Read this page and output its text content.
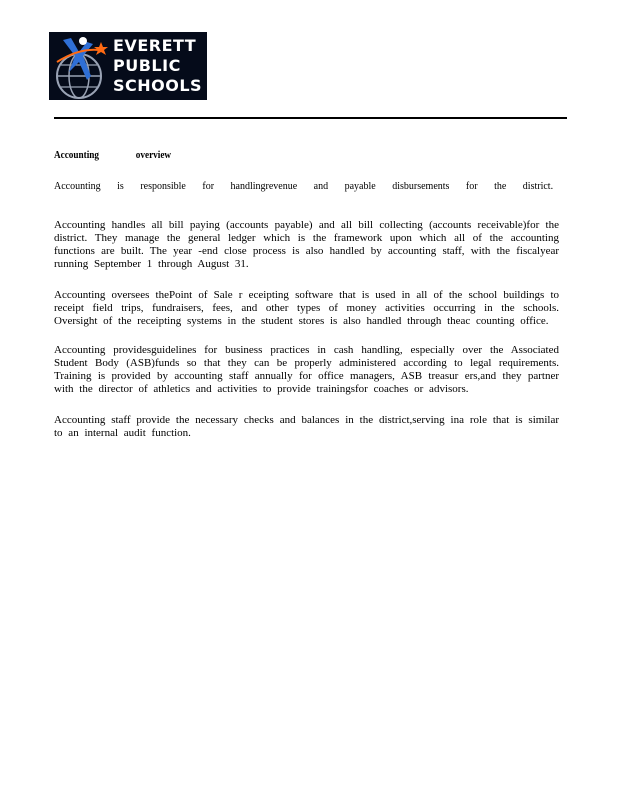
EVERETT
PUBLIC
SCHOOLS
Accounting	overview
Accounting is responsible for handlingrevenue and payable disbursements for the district.

Accounting handles all bill paying (accounts payable) and all bill collecting (accounts receivable)for the district. They manage the general ledger which is the framework upon which all of the accounting functions are built. The year -end close process is also handled by accounting staff, with the fiscalyear running September 1 through August 31.

Accounting oversees thePoint of Sale r eceipting software that is used in all of the school buildings to receipt field trips, fundraisers, fees, and other types of money activities occurring in the schools. Oversight of the receipting systems in the student stores is also handled through theac counting office.

Accounting providesguidelines for business practices in cash handling, especially over the Associated Student Body (ASB)funds so that they can be properly administered according to legal requirements. Training is provided by accounting staff annually for office managers, ASB treasur ers,and they partner with the director of athletics and activities to provide trainingsfor coaches or advisors.

Accounting staff provide the necessary checks and balances in the district,serving ina role that is similar to an internal audit function.
